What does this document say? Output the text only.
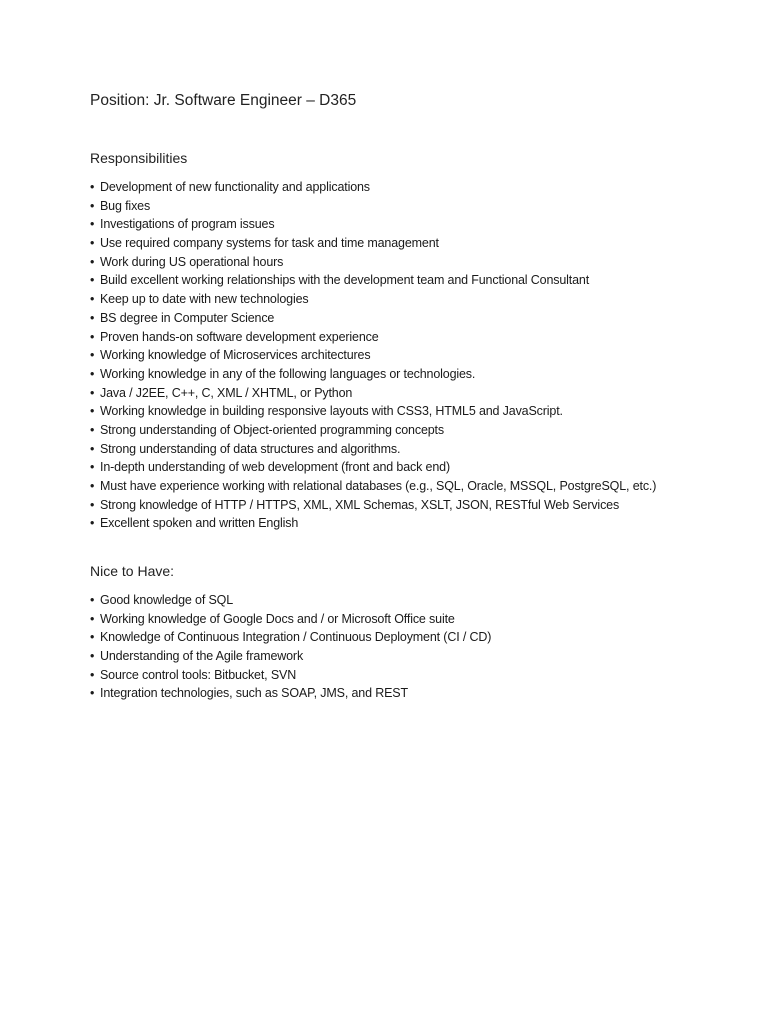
Position: Jr. Software Engineer – D365
Responsibilities
• Development of new functionality and applications
• Bug fixes
• Investigations of program issues
• Use required company systems for task and time management
• Work during US operational hours
• Build excellent working relationships with the development team and Functional Consultant
• Keep up to date with new technologies
• BS degree in Computer Science
• Proven hands-on software development experience
• Working knowledge of Microservices architectures
• Working knowledge in any of the following languages or technologies.
• Java / J2EE, C++, C, XML / XHTML, or Python
• Working knowledge in building responsive layouts with CSS3, HTML5 and JavaScript.
• Strong understanding of Object-oriented programming concepts
• Strong understanding of data structures and algorithms.
• In-depth understanding of web development (front and back end)
• Must have experience working with relational databases (e.g., SQL, Oracle, MSSQL, PostgreSQL, etc.)
• Strong knowledge of HTTP / HTTPS, XML, XML Schemas, XSLT, JSON, RESTful Web Services
• Excellent spoken and written English
Nice to Have:
• Good knowledge of SQL
• Working knowledge of Google Docs and / or Microsoft Office suite
• Knowledge of Continuous Integration / Continuous Deployment (CI / CD)
• Understanding of the Agile framework
• Source control tools: Bitbucket, SVN
• Integration technologies, such as SOAP, JMS, and REST
